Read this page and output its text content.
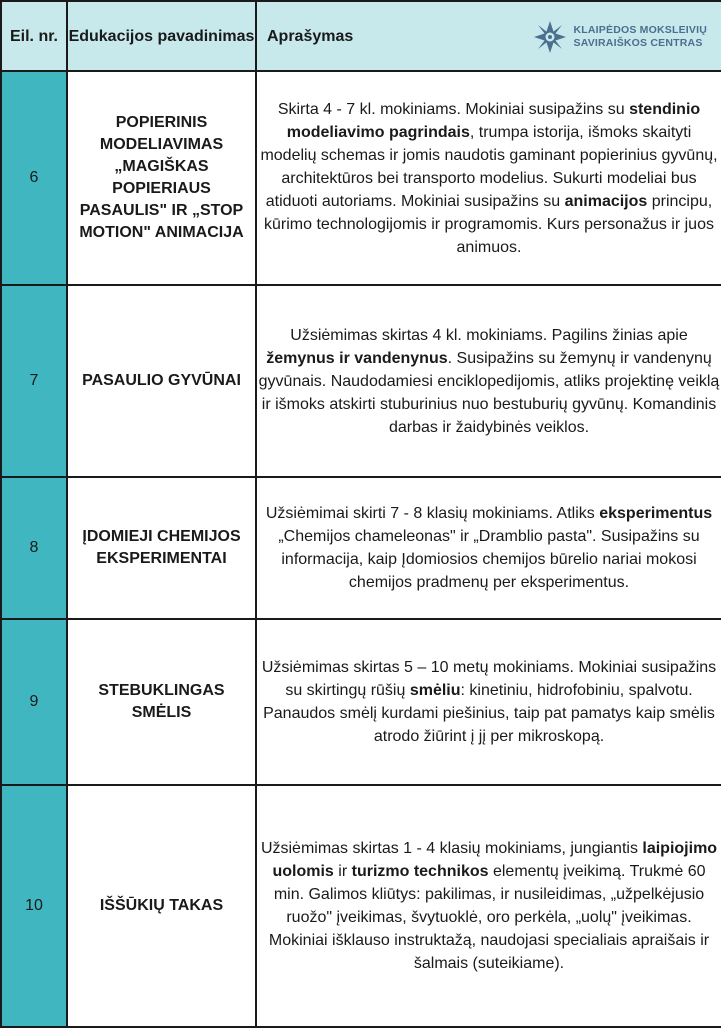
Eil. nr.	Edukacijos pavadinimas	Aprašymas KLAIPĖDOS MOKSLEIVIŲ
SAVIRAIŠKOS CENTRAS

6	POPIERINIS MODELIAVIMAS „MAGIŠKAS POPIERIAUS PASAULIS" IR „STOP MOTION" ANIMACIJA	Skirta 4 - 7 kl. mokiniams. Mokiniai susipažins su stendinio modeliavimo pagrindais, trumpa istorija, išmoks skaityti modelių schemas ir jomis naudotis gaminant popierinius gyvūnų, architektūros bei transporto modelius. Sukurti modeliai bus atiduoti autoriams. Mokiniai susipažins su animacijos principu, kūrimo technologijomis ir programomis. Kurs personažus ir juos animuos.
7	PASAULIO GYVŪNAI	Užsiėmimas skirtas 4 kl. mokiniams. Pagilins žinias apie žemynus ir vandenynus. Susipažins su žemynų ir vandenynų gyvūnais. Naudodamiesi enciklopedijomis, atliks projektinę veiklą ir išmoks atskirti stuburinius nuo bestuburių gyvūnų. Komandinis darbas ir žaidybinės veiklos.
8	ĮDOMIEJI CHEMIJOS EKSPERIMENTAI	Užsiėmimai skirti 7 - 8 klasių mokiniams. Atliks eksperimentus „Chemijos chameleonas" ir „Dramblio pasta". Susipažins su informacija, kaip Įdomiosios chemijos būrelio nariai mokosi chemijos pradmenų per eksperimentus.
9	STEBUKLINGAS SMĖLIS	Užsiėmimas skirtas 5 – 10 metų mokiniams. Mokiniai susipažins su skirtingų rūšių smėliu: kinetiniu, hidrofobiniu, spalvotu. Panaudos smėlį kurdami piešinius, taip pat pamatys kaip smėlis atrodo žiūrint į jį per mikroskopą.
10	IŠŠŪKIŲ TAKAS	Užsiėmimas skirtas 1 - 4 klasių mokiniams, jungiantis laipiojimo uolomis ir turizmo technikos elementų įveikimą. Trukmė 60 min. Galimos kliūtys: pakilimas, ir nusileidimas, „užpelkėjusio ruožo" įveikimas, švytuoklė, oro perkėla, „uolų" įveikimas. Mokiniai išklauso instruktažą, naudojasi specialiais apraišais ir šalmais (suteikiame).
